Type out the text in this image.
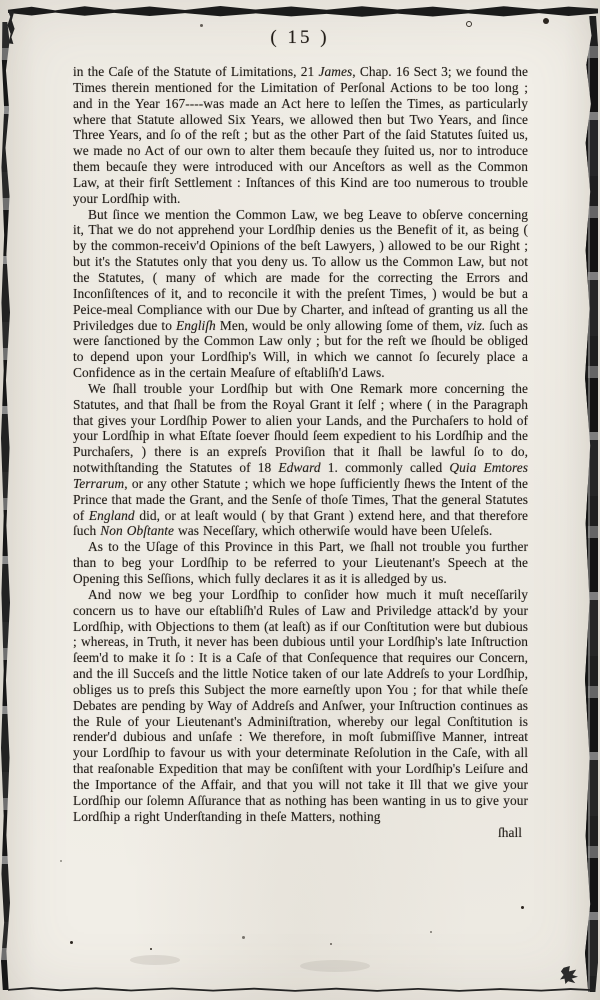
( 15 )

in the Caſe of the Statute of Limitations, 21 James, Chap. 16 Sect 3; we found the Times therein mentioned for the Limitation of Perſonal Actions to be too long ; and in the Year 167----was made an Act here to leſſen the Times, as particularly where that Statute allowed Six Years, we allowed then but Two Years, and ſince Three Years, and ſo of the reſt ; but as the other Part of the ſaid Statutes ſuited us, we made no Act of our own to alter them becauſe they ſuited us, nor to introduce them becauſe they were introduced with our Anceſtors as well as the Common Law, at their firſt Settlement : Inſtances of this Kind are too numerous to trouble your Lordſhip with.

But ſince we mention the Common Law, we beg Leave to obſerve concerning it, That we do not apprehend your Lordſhip denies us the Benefit of it, as being ( by the common-receiv'd Opinions of the beſt Lawyers, ) allowed to be our Right ; but it's the Statutes only that you deny us. To allow us the Common Law, but not the Statutes, ( many of which are made for the correcting the Errors and Inconſiſtences of it, and to reconcile it with the preſent Times, ) would be but a Peice-meal Compliance with our Due by Charter, and inſtead of granting us all the Priviledges due to Engliſh Men, would be only allowing ſome of them, viz. ſuch as were ſanctioned by the Common Law only ; but for the reſt we ſhould be obliged to depend upon your Lordſhip's Will, in which we cannot ſo ſecurely place a Confidence as in the certain Meaſure of eſtabliſh'd Laws.

We ſhall trouble your Lordſhip but with One Remark more concerning the Statutes, and that ſhall be from the Royal Grant it ſelf ; where ( in the Paragraph that gives your Lordſhip Power to alien your Lands, and the Purchaſers to hold of your Lordſhip in what Eſtate ſoever ſhould ſeem expedient to his Lordſhip and the Purchaſers, ) there is an expreſs Proviſion that it ſhall be lawful ſo to do, notwithſtanding the Statutes of 18 Edward 1. commonly called Quia Emtores Terrarum, or any other Statute ; which we hope ſufficiently ſhews the Intent of the Prince that made the Grant, and the Senſe of thoſe Times, That the general Statutes of England did, or at leaſt would ( by that Grant ) extend here, and that therefore ſuch Non Obſtante was Neceſſary, which otherwiſe would have been Uſeleſs.

As to the Uſage of this Province in this Part, we ſhall not trouble you further than to beg your Lordſhip to be referred to your Lieutenant's Speech at the Opening this Seſſions, which fully declares it as it is alledged by us.

And now we beg your Lordſhip to conſider how much it muſt neceſſarily concern us to have our eſtabliſh'd Rules of Law and Priviledge attack'd by your Lordſhip, with Objections to them (at leaſt) as if our Conſtitution were but dubious ; whereas, in Truth, it never has been dubious until your Lordſhip's late Inſtruction ſeem'd to make it ſo : It is a Caſe of that Conſequence that requires our Concern, and the ill Succeſs and the little Notice taken of our late Addreſs to your Lordſhip, obliges us to preſs this Subject the more earneſtly upon You ; for that while theſe Debates are pending by Way of Addreſs and Anſwer, your Inſtruction continues as the Rule of your Lieutenant's Adminiſtration, whereby our legal Conſtitution is render'd dubious and unſafe : We therefore, in moſt ſubmiſſive Manner, intreat your Lordſhip to favour us with your determinate Reſolution in the Caſe, with all that reaſonable Expedition that may be conſiſtent with your Lordſhip's Leiſure and the Importance of the Affair, and that you will not take it Ill that we give your Lordſhip our ſolemn Aſſurance that as nothing has been wanting in us to give your Lordſhip a right Underſtanding in theſe Matters, nothing

ſhall
